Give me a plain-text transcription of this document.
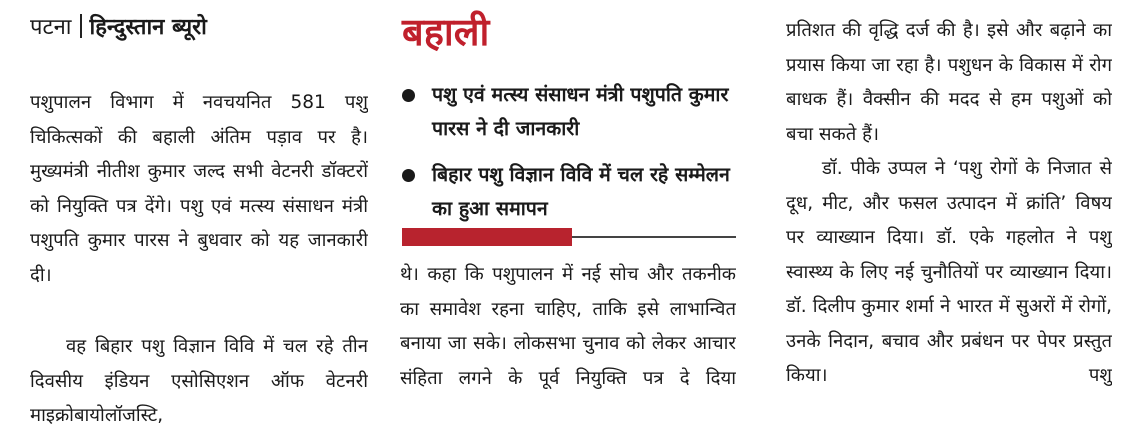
पटना हिन्दुस्तान ब्यूरो

पशुपालन विभाग में नवचयनित 581 पशु चिकित्सकों की बहाली अंतिम पड़ाव पर है। मुख्यमंत्री नीतीश कुमार जल्द सभी वेटनरी डॉक्टरों को नियुक्ति पत्र देंगे। पशु एवं मत्स्य संसाधन मंत्री पशुपति कुमार पारस ने बुधवार को यह जानकारी दी।

वह बिहार पशु विज्ञान विवि में चल रहे तीन दिवसीय इंडियन एसोसिएशन ऑफ वेटनरी माइक्रोबायोलॉजस्टि,

बहाली
पशु एवं मत्स्य संसाधन मंत्री पशुपति कुमार पारस ने दी जानकारी
बिहार पशु विज्ञान विवि में चल रहे सम्मेलन का हुआ समापन

थे। कहा कि पशुपालन में नई सोच और तकनीक का समावेश रहना चाहिए, ताकि इसे लाभान्वित बनाया जा सके। लोकसभा चुनाव को लेकर आचार संहिता लगने के पूर्व नियुक्ति पत्र दे दिया

प्रतिशत की वृद्धि दर्ज की है। इसे और बढ़ाने का प्रयास किया जा रहा है। पशुधन के विकास में रोग बाधक हैं। वैक्सीन की मदद से हम पशुओं को बचा सकते हैं।

डॉ. पीके उप्पल ने ‘पशु रोगों के निजात से दूध, मीट, और फसल उत्पादन में क्रांति’ विषय पर व्याख्यान दिया। डॉ. एके गहलोत ने पशु स्वास्थ्य के लिए नई चुनौतियों पर व्याख्यान दिया। डॉ. दिलीप कुमार शर्मा ने भारत में सुअरों में रोगों, उनके निदान, बचाव और प्रबंधन पर पेपर प्रस्तुत किया। पशु
